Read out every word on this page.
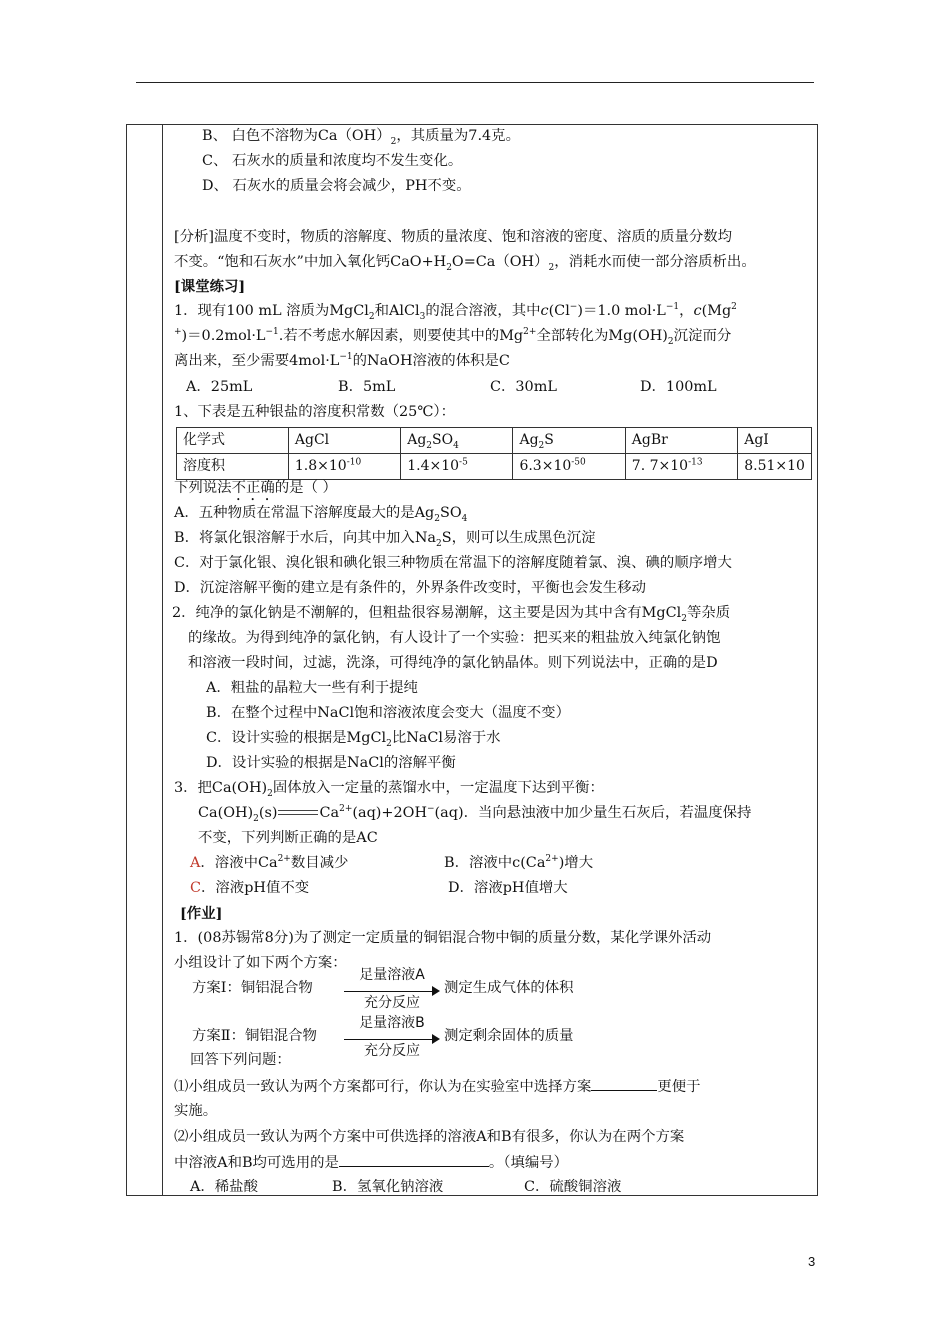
B、 白色不溶物为$Ca(OH)_2$，其质量为7.4克。
C、 石灰水的质量和浓度均不发生变化。
D、 石灰水的质量会将会减少，PH不变。
[分析]温度不变时，物质的溶解度、物质的量浓度、饱和溶液的密度、溶质的质量分数均
不变。“饱和石灰水”中加入氧化钙$CaO+H_2O=Ca(OH)_2$，消耗水而使一部分溶质析出。
[课堂练习]
1．现有100 mL 溶质为MgCl$_2$和AlCl$_3$的混合溶液，其中c(Cl−)＝1.0 $mol\cdot L^{-1}$，c(Mg$^2$
$^+)=0.2mol\cdot L^{-1}$.若不考虑水解因素，则要使其中的$Mg^{2+}$全部转化为$Mg(OH)_2$沉淀而分
离出来，至少需要$4mol\cdot L^{-1}$的NaOH溶液的体积是C
A．25mL	B．5mL	C．30mL	D．100mL
1、下表是五种银盐的溶度积常数（25℃）：
化学式	AgCl	$Ag_2SO_4$	$Ag_2S$	AgBr	AgI
溶度积	$1.8\times 10^{-10}$	$1.4\times 10^{-5}$	$6.3\times 10^{-50}$	7. $7\times 10^{-13}$	8.51×10
下列说法不正确的是（ ）
A．五种物质在常温下溶解度最大的是$Ag_2SO_4$
B．将氯化银溶解于水后，向其中加入$Na_2S$，则可以生成黑色沉淀
C．对于氯化银、溴化银和碘化银三种物质在常温下的溶解度随着氯、溴、碘的顺序增大
D．沉淀溶解平衡的建立是有条件的，外界条件改变时，平衡也会发生移动
2．纯净的氯化钠是不潮解的，但粗盐很容易潮解，这主要是因为其中含有MgCl$_2$等杂质
的缘故。为得到纯净的氯化钠，有人设计了一个实验：把买来的粗盐放入纯氯化钠饱
和溶液一段时间，过滤，洗涤，可得纯净的氯化钠晶体。则下列说法中，正确的是D
A．粗盐的晶粒大一些有利于提纯
B．在整个过程中NaCl饱和溶液浓度会变大（温度不变）
C．设计实验的根据是MgCl$_2$比NaCl易溶于水
D．设计实验的根据是NaCl的溶解平衡
3．把$Ca(OH)_2$固体放入一定量的蒸馏水中，一定温度下达到平衡：
$Ca(OH)_2(s)$	$Ca^{2+}(aq)+2OH^-(aq)$．当向悬浊液中加少量生石灰后，若温度保持
不变，下列判断正确的是AC
A．溶液中$Ca^{2+}$数目减少	B．溶液中$c(Ca^{2+})$增大
C．溶液pH值不变	D．溶液pH值增大
[作业]
1．(08苏锡常8分)为了测定一定质量的铜铝混合物中铜的质量分数，某化学课外活动
小组设计了如下两个方案：
方案Ⅰ：铜铝混合物
足量溶液A
充分反应
测定生成气体的体积
方案Ⅱ：铜铝混合物
足量溶液B
充分反应
测定剩余固体的质量
回答下列问题：
⑴小组成员一致认为两个方案都可行，你认为在实验室中选择方案	更便于
实施。
⑵小组成员一致认为两个方案中可供选择的溶液A和B有很多，你认为在两个方案
中溶液A和B均可选用的是	。（填编号）
A．稀盐酸	B．氢氧化钠溶液	C．硫酸铜溶液
3
